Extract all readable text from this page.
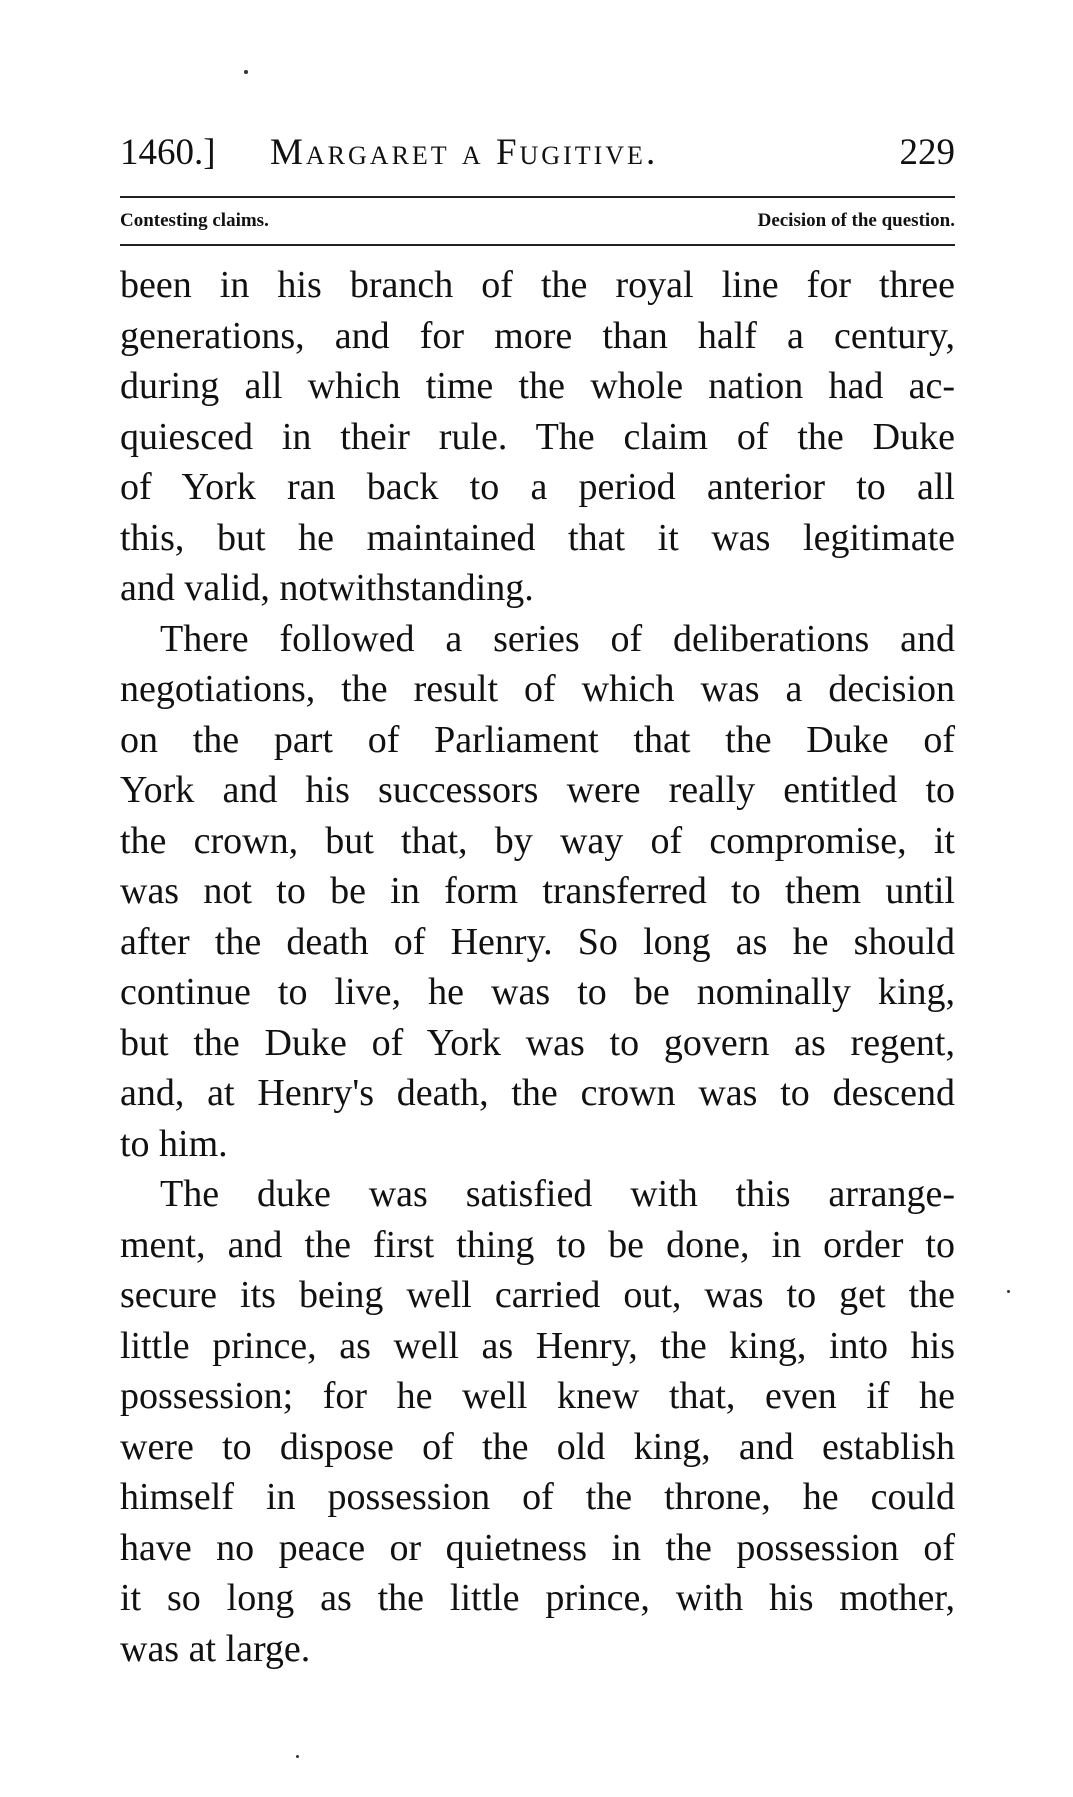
1460.] Margaret a Fugitive.	229
Contesting claims.	Decision of the question.
been in his branch of the royal line for three
generations, and for more than half a century,
during all which time the whole nation had ac-
quiesced in their rule. The claim of the Duke
of York ran back to a period anterior to all
this, but he maintained that it was legitimate
and valid, notwithstanding.
There followed a series of deliberations and
negotiations, the result of which was a decision
on the part of Parliament that the Duke of
York and his successors were really entitled to
the crown, but that, by way of compromise, it
was not to be in form transferred to them until
after the death of Henry. So long as he should
continue to live, he was to be nominally king,
but the Duke of York was to govern as regent,
and, at Henry's death, the crown was to descend
to him.
The duke was satisfied with this arrange-
ment, and the first thing to be done, in order to
secure its being well carried out, was to get the
little prince, as well as Henry, the king, into his
possession; for he well knew that, even if he
were to dispose of the old king, and establish
himself in possession of the throne, he could
have no peace or quietness in the possession of
it so long as the little prince, with his mother,
was at large.
